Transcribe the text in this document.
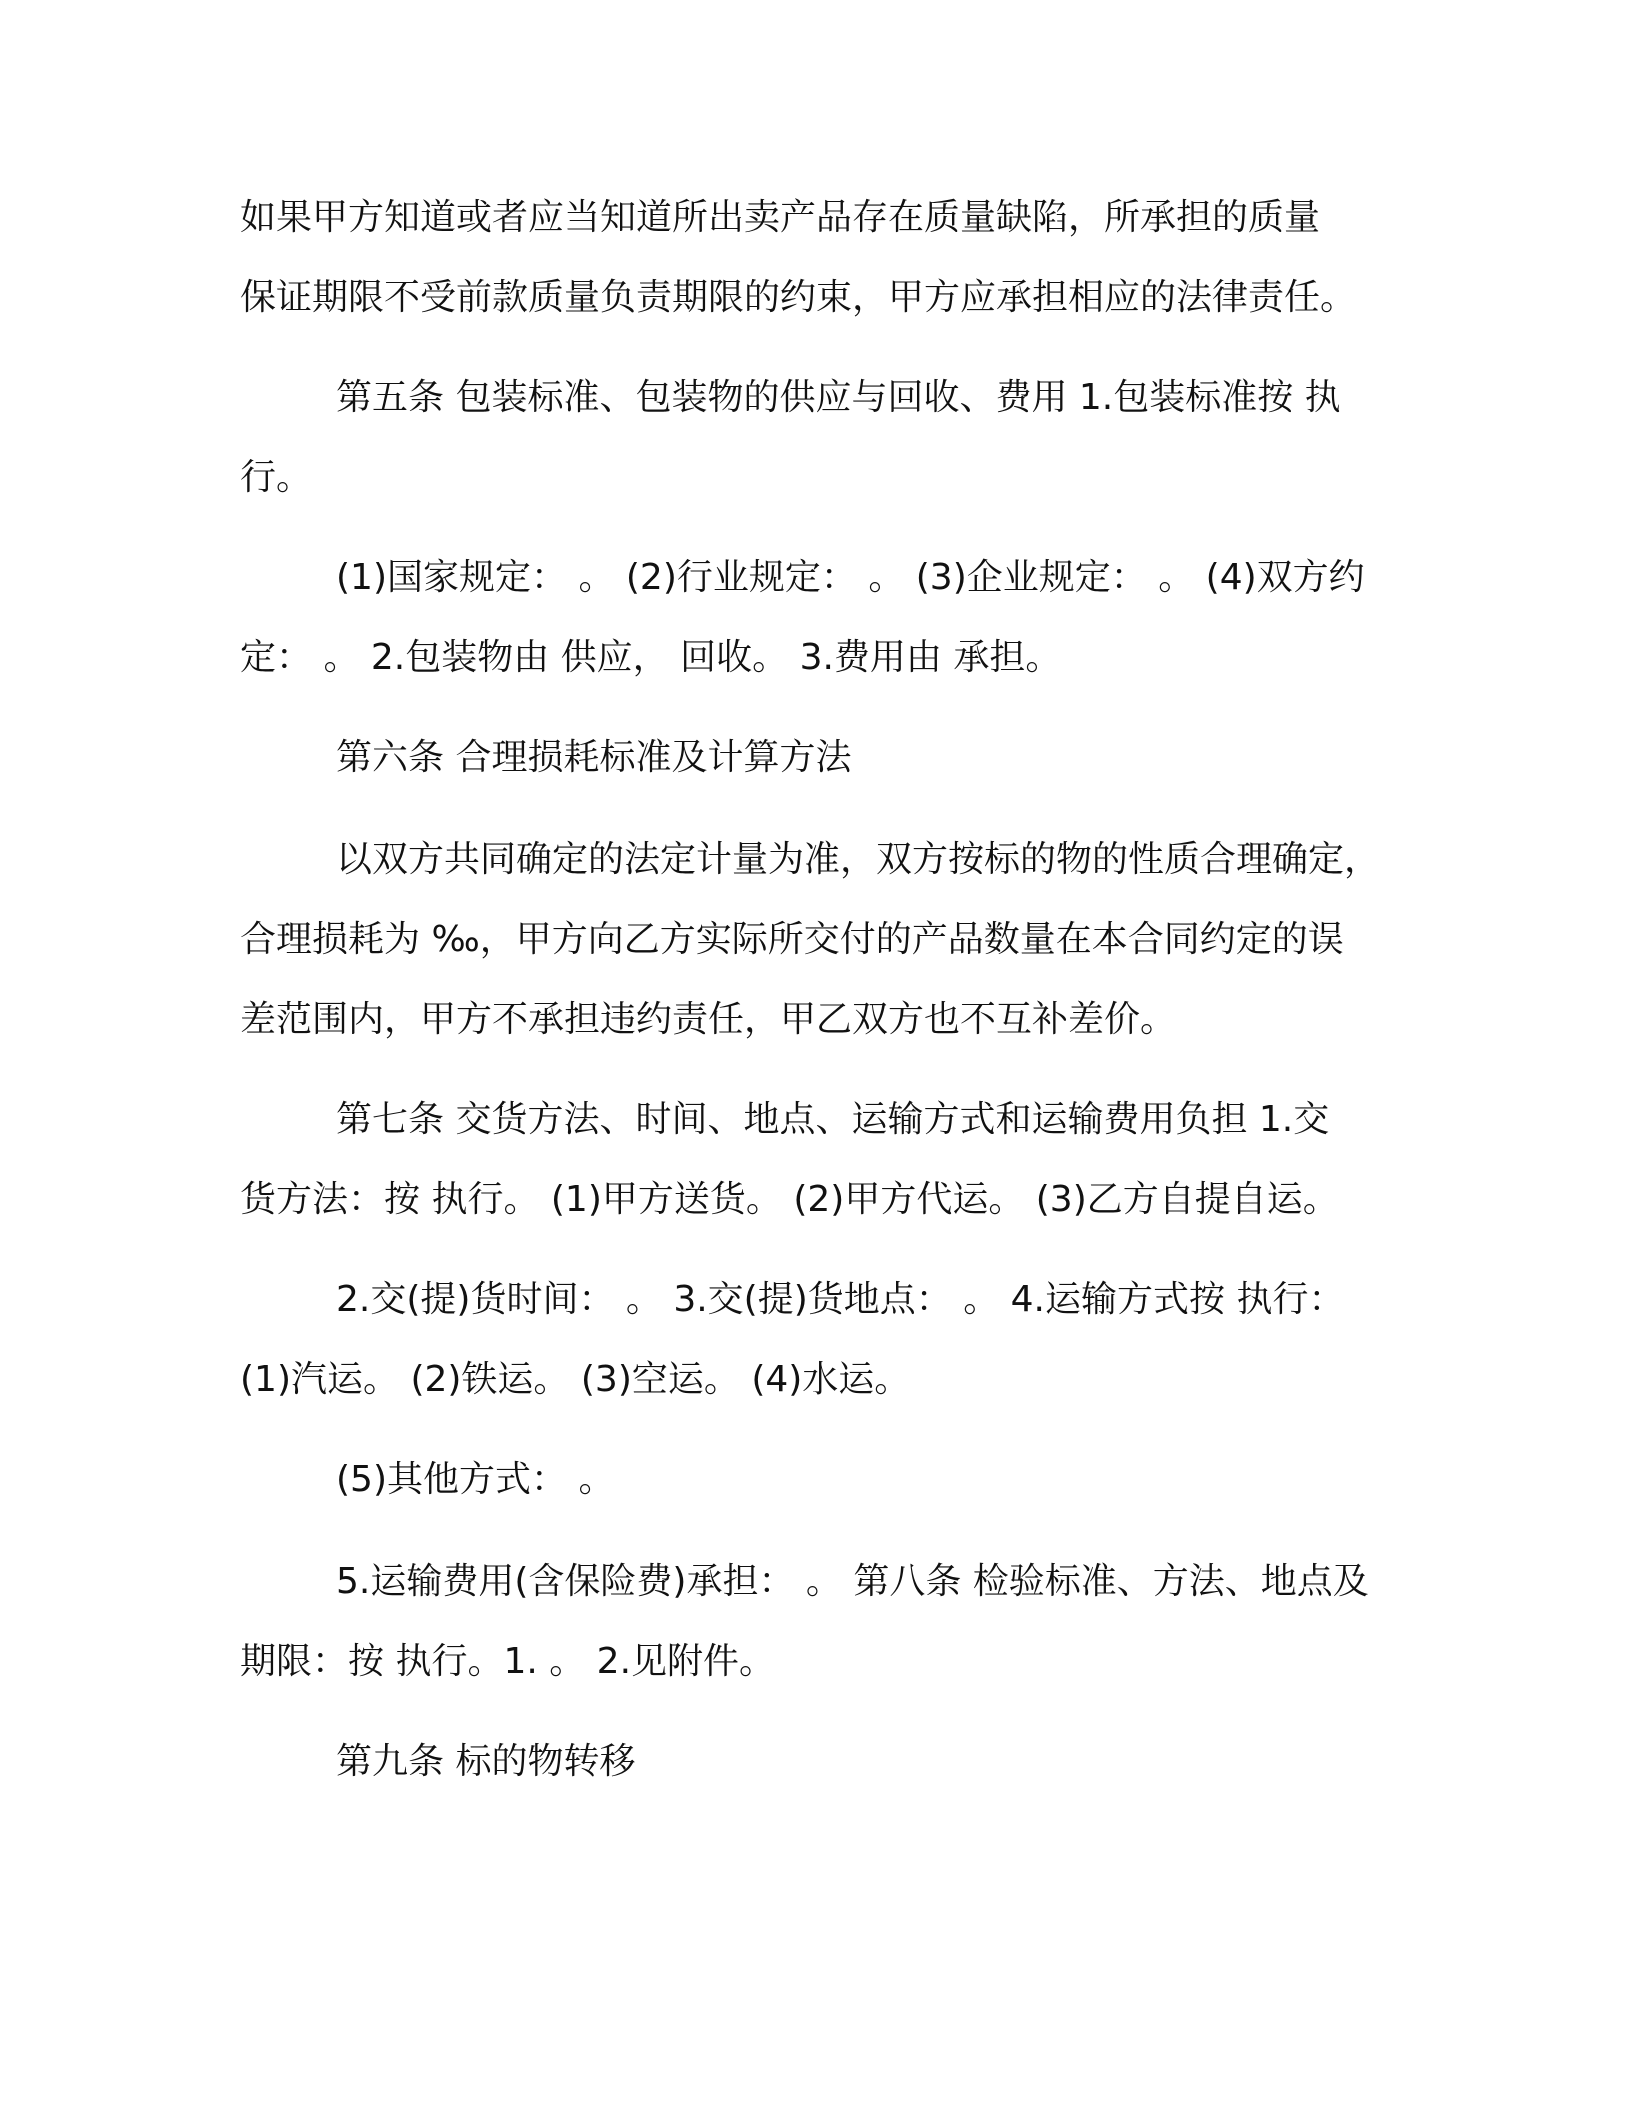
如果甲方知道或者应当知道所出卖产品存在质量缺陷，所承担的质量
保证期限不受前款质量负责期限的约束，甲方应承担相应的法律责任。
第五条 包装标准、包装物的供应与回收、费用 1.包装标准按 执
行。
(1)国家规定： 。 (2)行业规定： 。 (3)企业规定： 。 (4)双方约
定： 。 2.包装物由 供应， 回收。 3.费用由 承担。
第六条 合理损耗标准及计算方法
以双方共同确定的法定计量为准，双方按标的物的性质合理确定，
合理损耗为 ‰，甲方向乙方实际所交付的产品数量在本合同约定的误
差范围内，甲方不承担违约责任，甲乙双方也不互补差价。
第七条 交货方法、时间、地点、运输方式和运输费用负担 1.交
货方法：按 执行。 (1)甲方送货。 (2)甲方代运。 (3)乙方自提自运。
2.交(提)货时间： 。 3.交(提)货地点： 。 4.运输方式按 执行：
(1)汽运。 (2)铁运。 (3)空运。 (4)水运。
(5)其他方式： 。
5.运输费用(含保险费)承担： 。 第八条 检验标准、方法、地点及
期限：按 执行。1. 。 2.见附件。
第九条 标的物转移
